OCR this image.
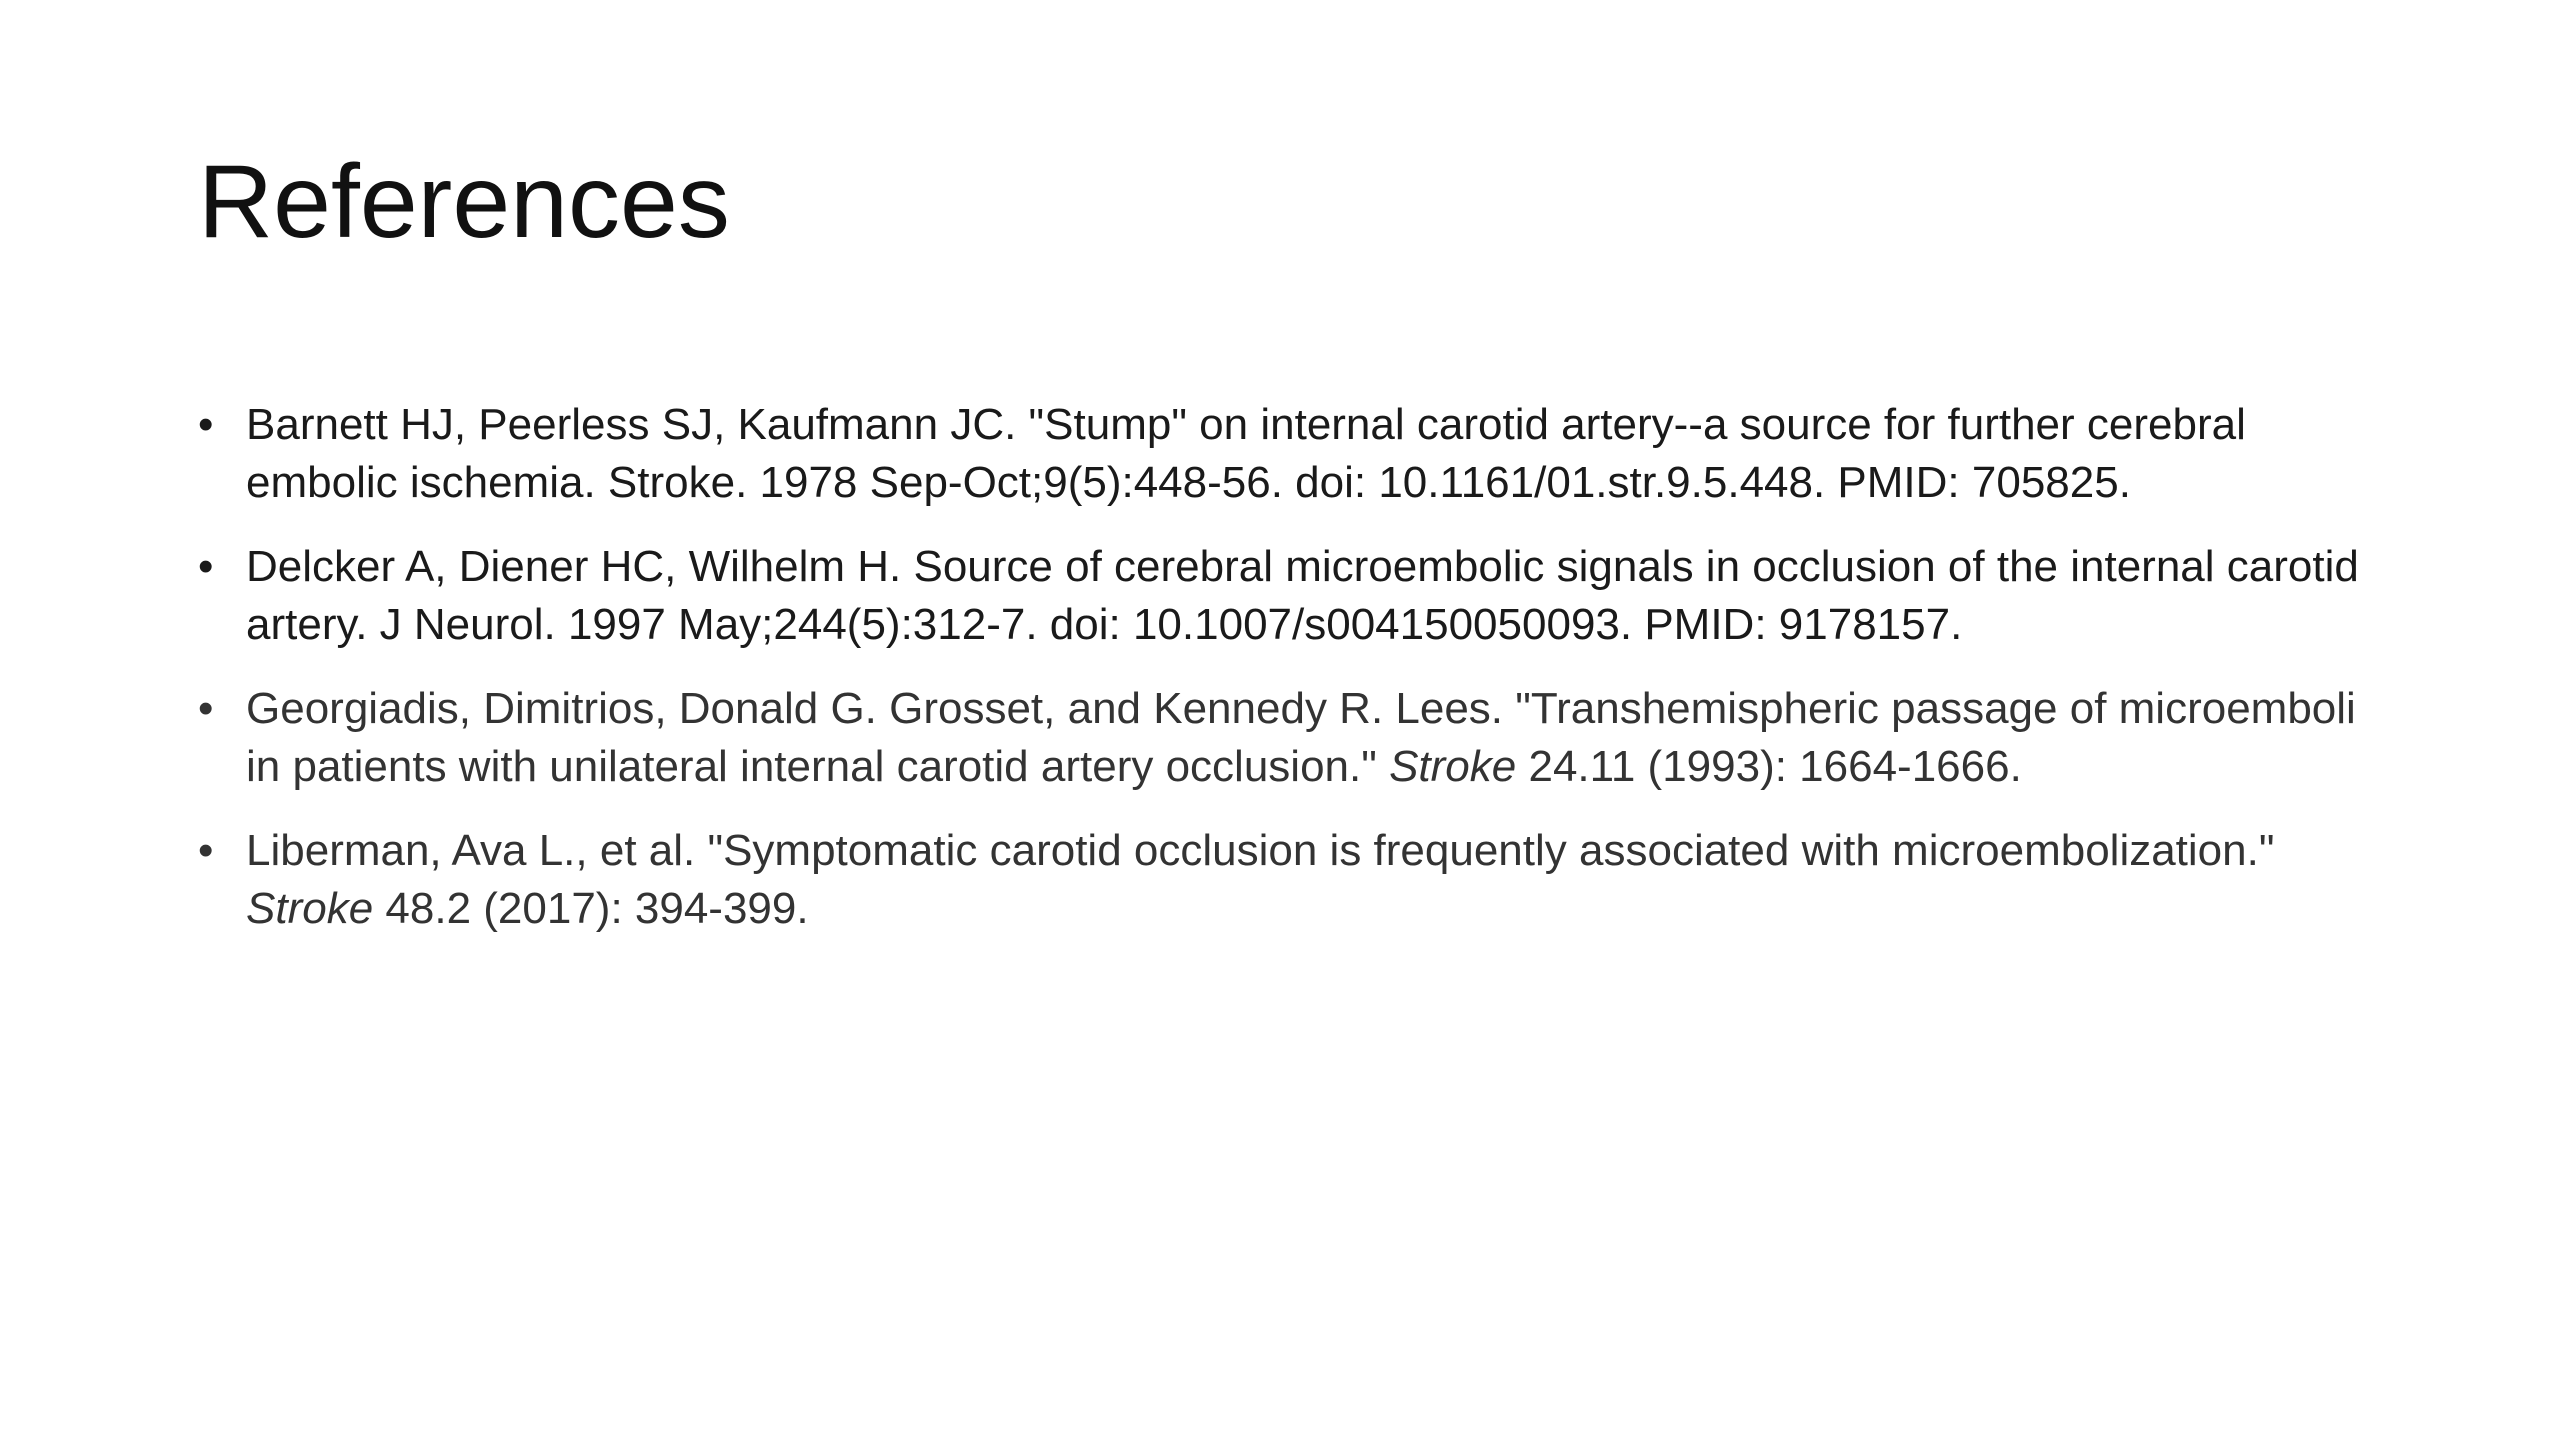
References
• Barnett HJ, Peerless SJ, Kaufmann JC. "Stump" on internal carotid artery--a source for further cerebral embolic ischemia. Stroke. 1978 Sep-Oct;9(5):448-56. doi: 10.1161/01.str.9.5.448. PMID: 705825.
• Delcker A, Diener HC, Wilhelm H. Source of cerebral microembolic signals in occlusion of the internal carotid artery. J Neurol. 1997 May;244(5):312-7. doi: 10.1007/s004150050093. PMID: 9178157.
• Georgiadis, Dimitrios, Donald G. Grosset, and Kennedy R. Lees. "Transhemispheric passage of microemboli in patients with unilateral internal carotid artery occlusion." Stroke 24.11 (1993): 1664-1666.
• Liberman, Ava L., et al. "Symptomatic carotid occlusion is frequently associated with microembolization." Stroke 48.2 (2017): 394-399.
